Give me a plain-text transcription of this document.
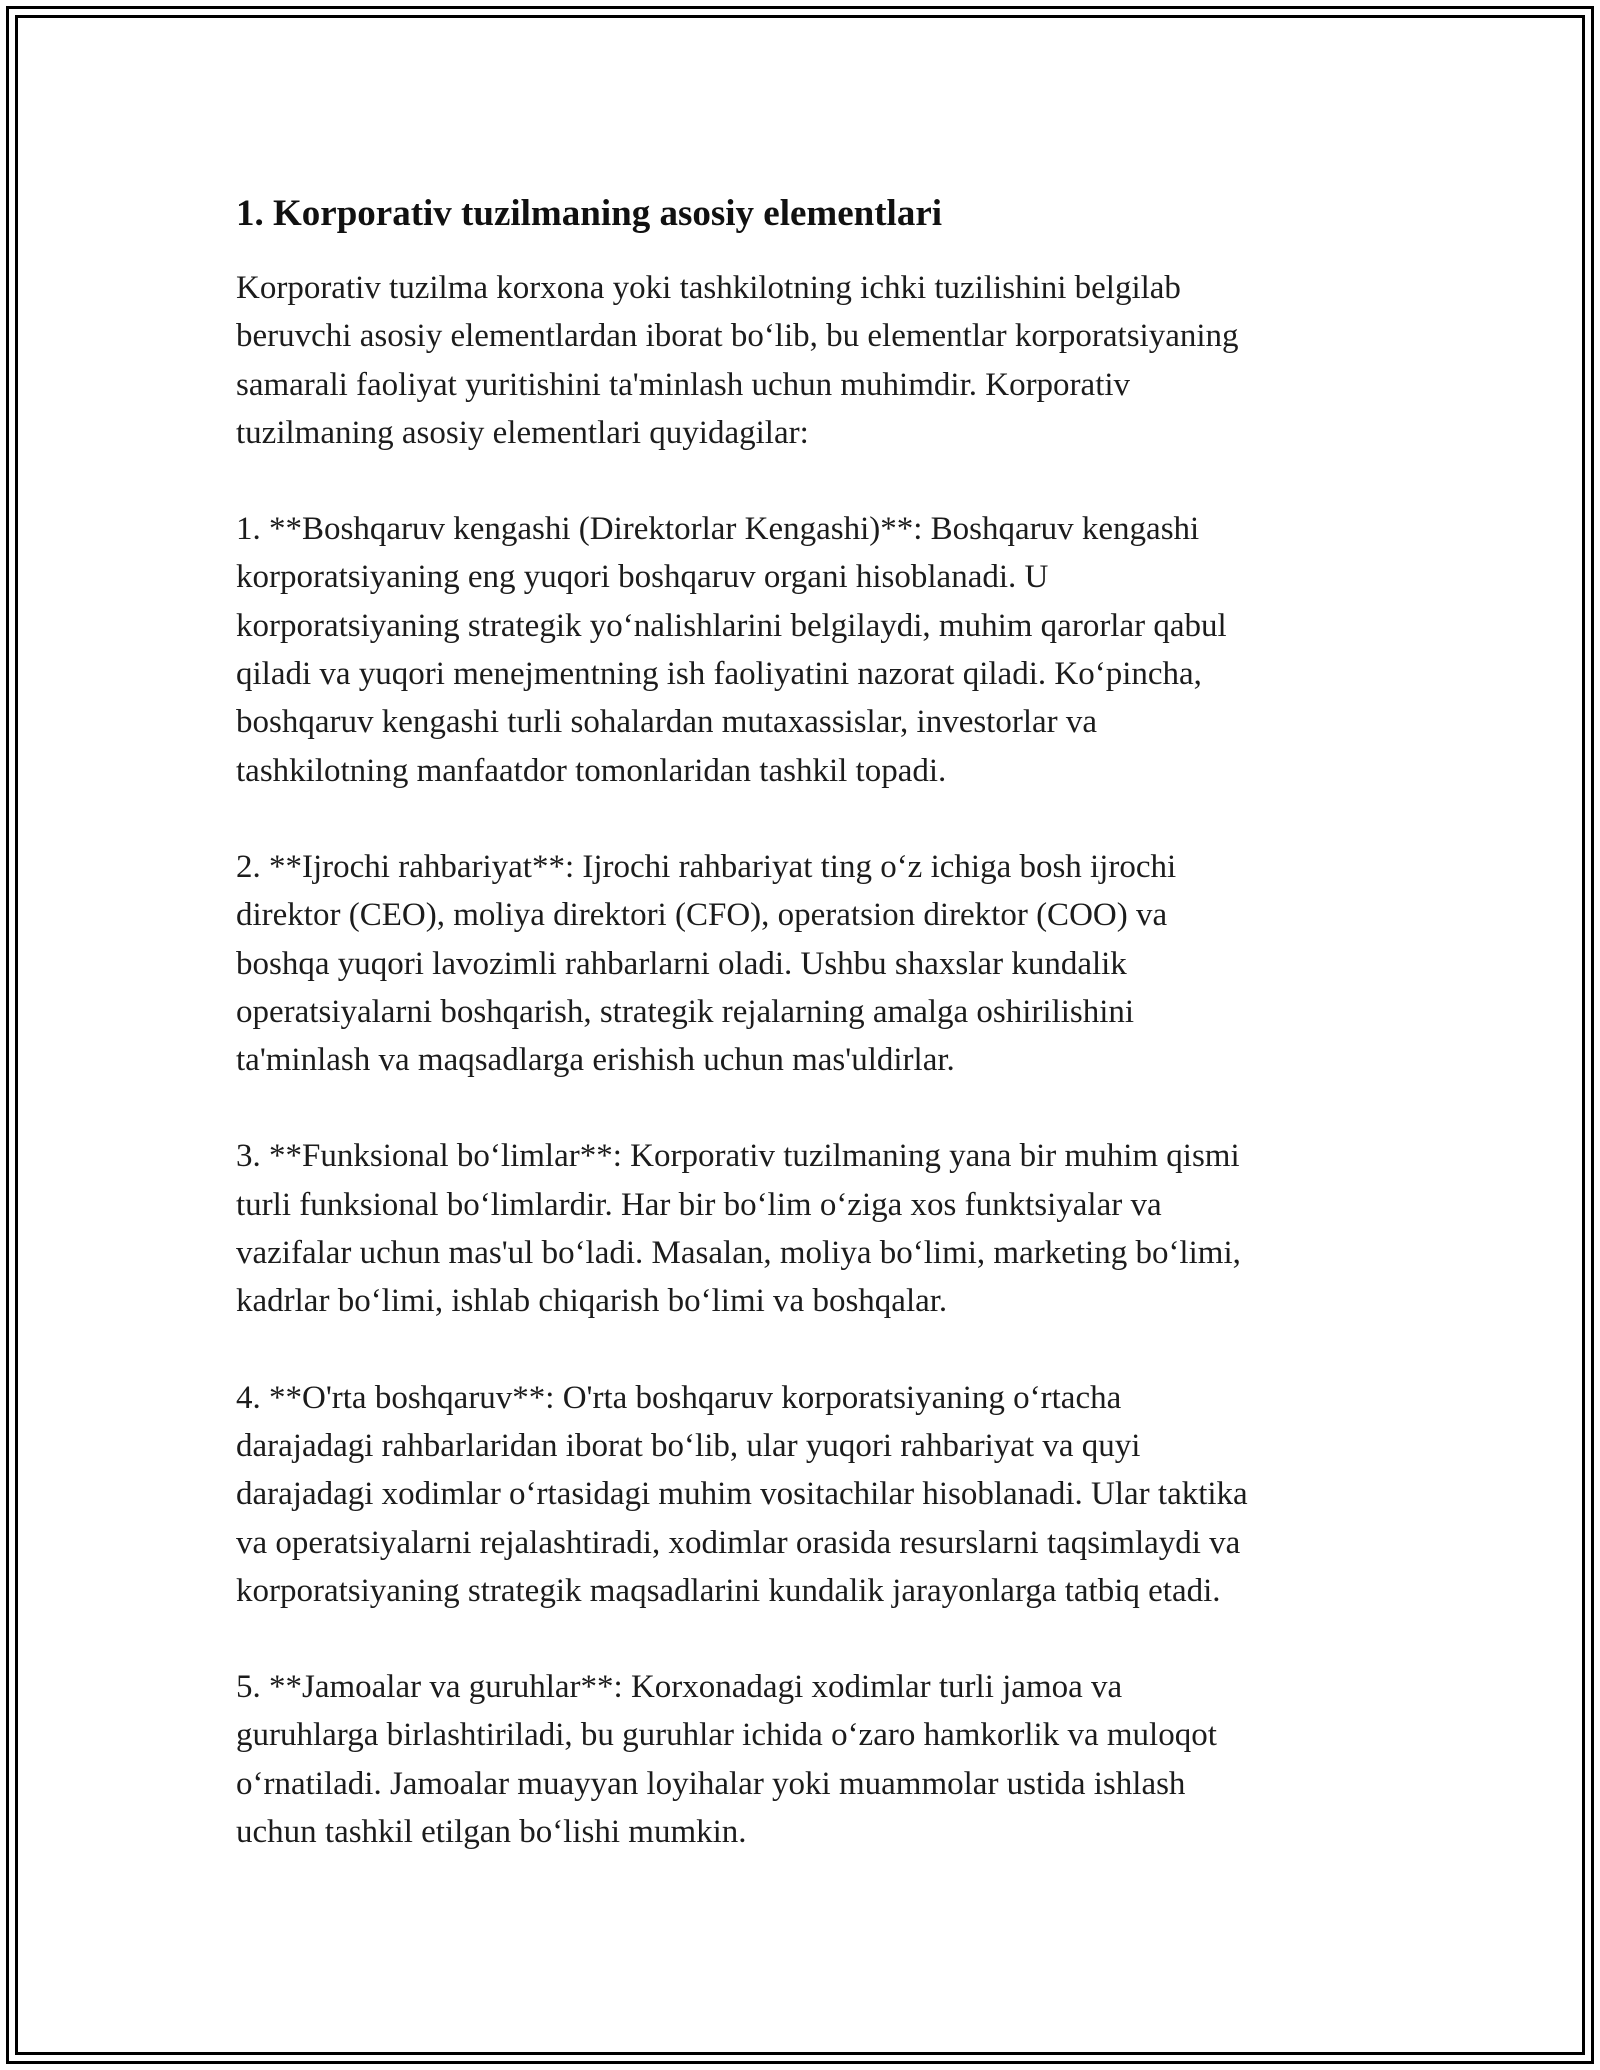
1. Korporativ tuzilmaning asosiy elementlari

Korporativ tuzilma korxona yoki tashkilotning ichki tuzilishini belgilab
beruvchi asosiy elementlardan iborat bo‘lib, bu elementlar korporatsiyaning
samarali faoliyat yuritishini ta'minlash uchun muhimdir. Korporativ
tuzilmaning asosiy elementlari quyidagilar:

1. **Boshqaruv kengashi (Direktorlar Kengashi)**: Boshqaruv kengashi
korporatsiyaning eng yuqori boshqaruv organi hisoblanadi. U
korporatsiyaning strategik yo‘nalishlarini belgilaydi, muhim qarorlar qabul
qiladi va yuqori menejmentning ish faoliyatini nazorat qiladi. Ko‘pincha,
boshqaruv kengashi turli sohalardan mutaxassislar, investorlar va
tashkilotning manfaatdor tomonlaridan tashkil topadi.

2. **Ijrochi rahbariyat**: Ijrochi rahbariyat ting o‘z ichiga bosh ijrochi
direktor (CEO), moliya direktori (CFO), operatsion direktor (COO) va
boshqa yuqori lavozimli rahbarlarni oladi. Ushbu shaxslar kundalik
operatsiyalarni boshqarish, strategik rejalarning amalga oshirilishini
ta'minlash va maqsadlarga erishish uchun mas'uldirlar.

3. **Funksional bo‘limlar**: Korporativ tuzilmaning yana bir muhim qismi
turli funksional bo‘limlardir. Har bir bo‘lim o‘ziga xos funktsiyalar va
vazifalar uchun mas'ul bo‘ladi. Masalan, moliya bo‘limi, marketing bo‘limi,
kadrlar bo‘limi, ishlab chiqarish bo‘limi va boshqalar.

4. **O'rta boshqaruv**: O'rta boshqaruv korporatsiyaning o‘rtacha
darajadagi rahbarlaridan iborat bo‘lib, ular yuqori rahbariyat va quyi
darajadagi xodimlar o‘rtasidagi muhim vositachilar hisoblanadi. Ular taktika
va operatsiyalarni rejalashtiradi, xodimlar orasida resurslarni taqsimlaydi va
korporatsiyaning strategik maqsadlarini kundalik jarayonlarga tatbiq etadi.

5. **Jamoalar va guruhlar**: Korxonadagi xodimlar turli jamoa va
guruhlarga birlashtiriladi, bu guruhlar ichida o‘zaro hamkorlik va muloqot
o‘rnatiladi. Jamoalar muayyan loyihalar yoki muammolar ustida ishlash
uchun tashkil etilgan bo‘lishi mumkin.
